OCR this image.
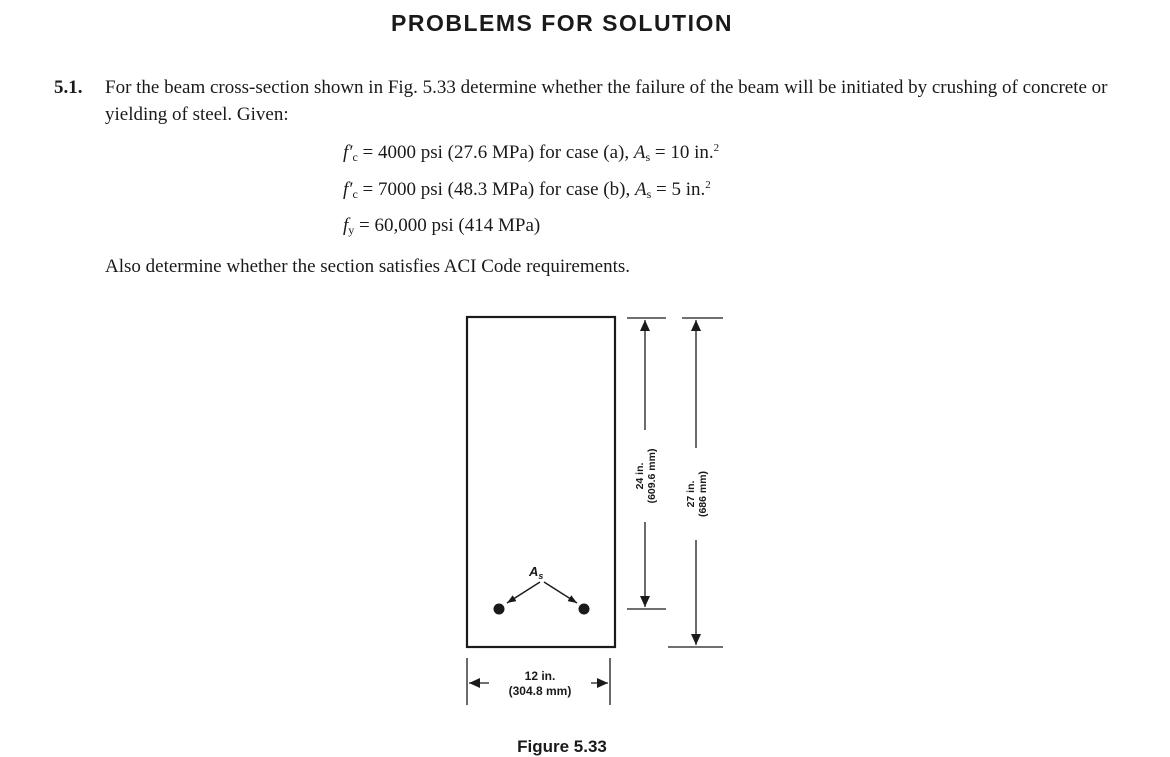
PROBLEMS FOR SOLUTION
5.1. For the beam cross-section shown in Fig. 5.33 determine whether the failure of the beam will be initiated by crushing of concrete or yielding of steel. Given:
$f'_c = 4000$ psi (27.6 MPa) for case (a), $A_s = 10$ in.$^2$
$f'_c = 7000$ psi (48.3 MPa) for case (b), $A_s = 5$ in.$^2$
$f_y = 60,000$ psi (414 MPa)
Also determine whether the section satisfies ACI Code requirements.
$A_s$
24 in. (609.6 mm)	27 in. (686 mm)
12 in.
(304.8 mm)
Figure 5.33
